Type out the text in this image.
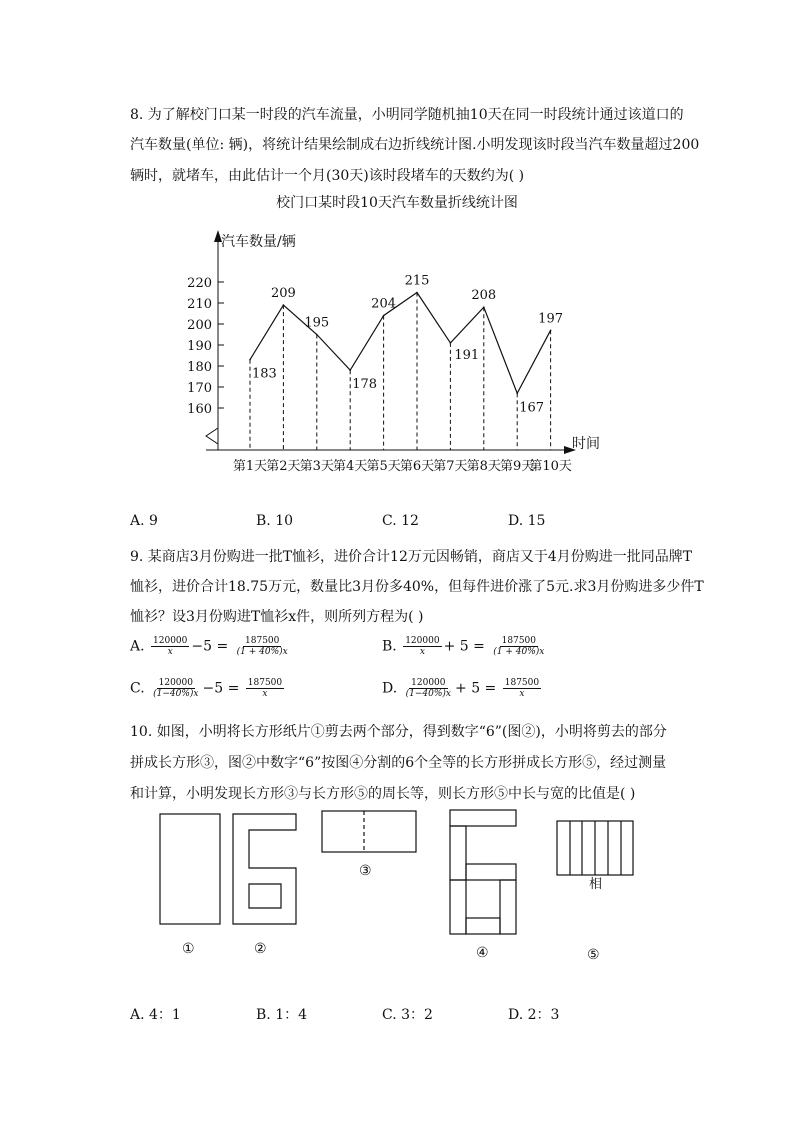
8. 为了解校门口某一时段的汽车流量，小明同学随机抽10天在同一时段统计通过该道口的
汽车数量(单位: 辆)，将统计结果绘制成右边折线统计图.小明发现该时段当汽车数量超过200
辆时，就堵车，由此估计一个月(30天)该时段堵车的天数约为( )
校门口某时段10天汽车数量折线统计图
汽车数量/辆
时间
160
170
180
190
200
210
220
183
209
195
178
204
215
191
208
167
197
第1天 第2天 第3天 第4天 第5天 第6天 第7天 第8天 第9天
第10天
A. 9	B. 10	C. 12	D. 15
9. 某商店3月份购进一批T恤衫，进价合计12万元因畅销，商店又于4月份购进一批同品牌T
恤衫，进价合计18.75万元，数量比3月份多40%，但每件进价涨了5元.求3月份购进多少件T
恤衫？设3月份购进T恤衫x件，则所列方程为( )
A. $\frac{120000}{x} -5 = \frac{187500}{(1 + 40\%)x}$	B. $\frac{120000}{x} + 5 = \frac{187500}{(1 + 40\%)x}$
C. $\frac{120000}{(1-40\%)x} -5 = \frac{187500}{x}$	D. $\frac{120000}{(1-40\%)x} + 5 = \frac{187500}{x}$
10. 如图，小明将长方形纸片①剪去两个部分，得到数字“6”(图②)，小明将剪去的部分
拼成长方形③，图②中数字“6”按图④分割的6个全等的长方形拼成长方形⑤，经过测量
和计算，小明发现长方形③与长方形⑤的周长等，则长方形⑤中长与宽的比值是( )
①	②
③
④	⑤
相
A. 4：1	B. 1：4	C. 3：2	D. 2：3
